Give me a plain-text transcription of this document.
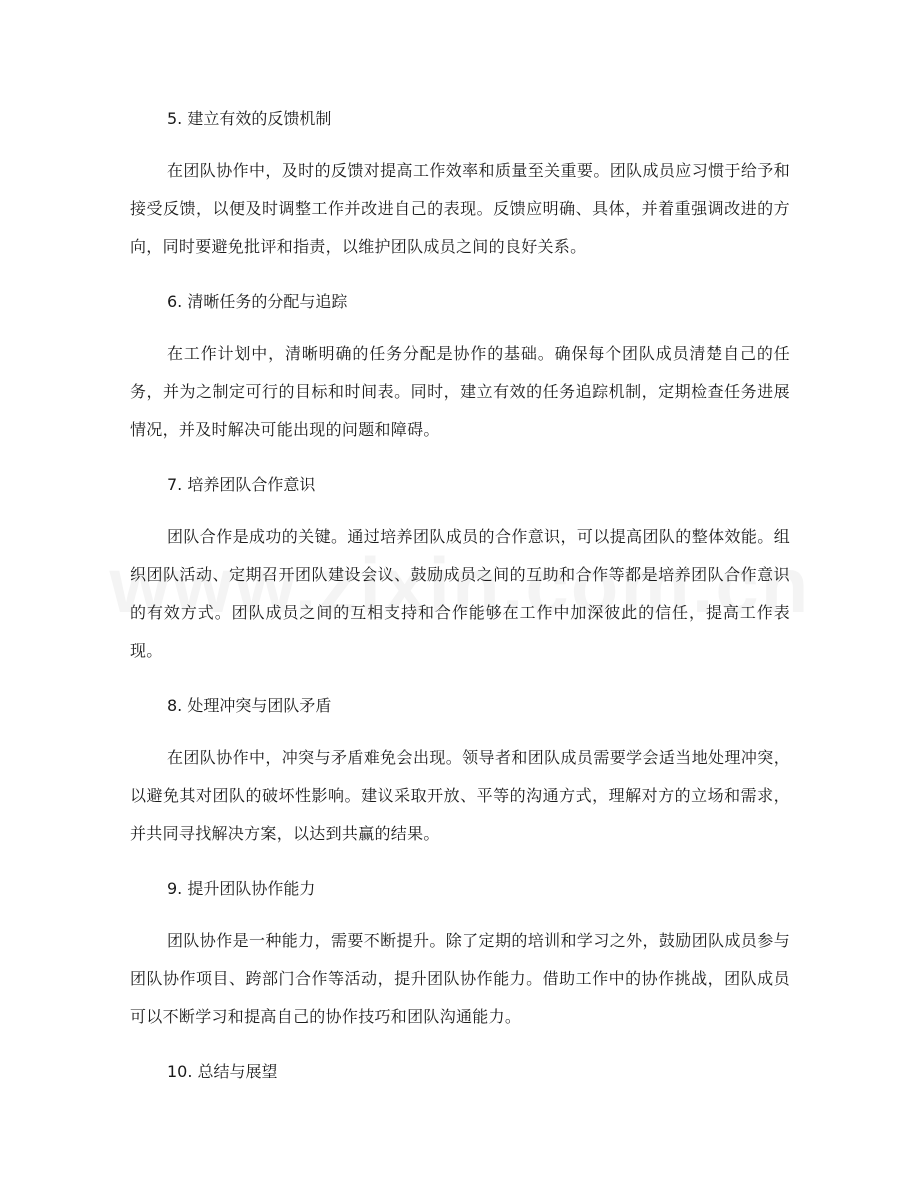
5. 建立有效的反馈机制

在团队协作中，及时的反馈对提高工作效率和质量至关重要。团队成员应习惯于给予和接受反馈，以便及时调整工作并改进自己的表现。反馈应明确、具体，并着重强调改进的方向，同时要避免批评和指责，以维护团队成员之间的良好关系。

6. 清晰任务的分配与追踪

在工作计划中，清晰明确的任务分配是协作的基础。确保每个团队成员清楚自己的任务，并为之制定可行的目标和时间表。同时，建立有效的任务追踪机制，定期检查任务进展情况，并及时解决可能出现的问题和障碍。

7. 培养团队合作意识

团队合作是成功的关键。通过培养团队成员的合作意识，可以提高团队的整体效能。组织团队活动、定期召开团队建设会议、鼓励成员之间的互助和合作等都是培养团队合作意识的有效方式。团队成员之间的互相支持和合作能够在工作中加深彼此的信任，提高工作表现。

8. 处理冲突与团队矛盾

在团队协作中，冲突与矛盾难免会出现。领导者和团队成员需要学会适当地处理冲突，以避免其对团队的破坏性影响。建议采取开放、平等的沟通方式，理解对方的立场和需求，并共同寻找解决方案，以达到共赢的结果。

9. 提升团队协作能力

团队协作是一种能力，需要不断提升。除了定期的培训和学习之外，鼓励团队成员参与团队协作项目、跨部门合作等活动，提升团队协作能力。借助工作中的协作挑战，团队成员可以不断学习和提高自己的协作技巧和团队沟通能力。

10. 总结与展望
